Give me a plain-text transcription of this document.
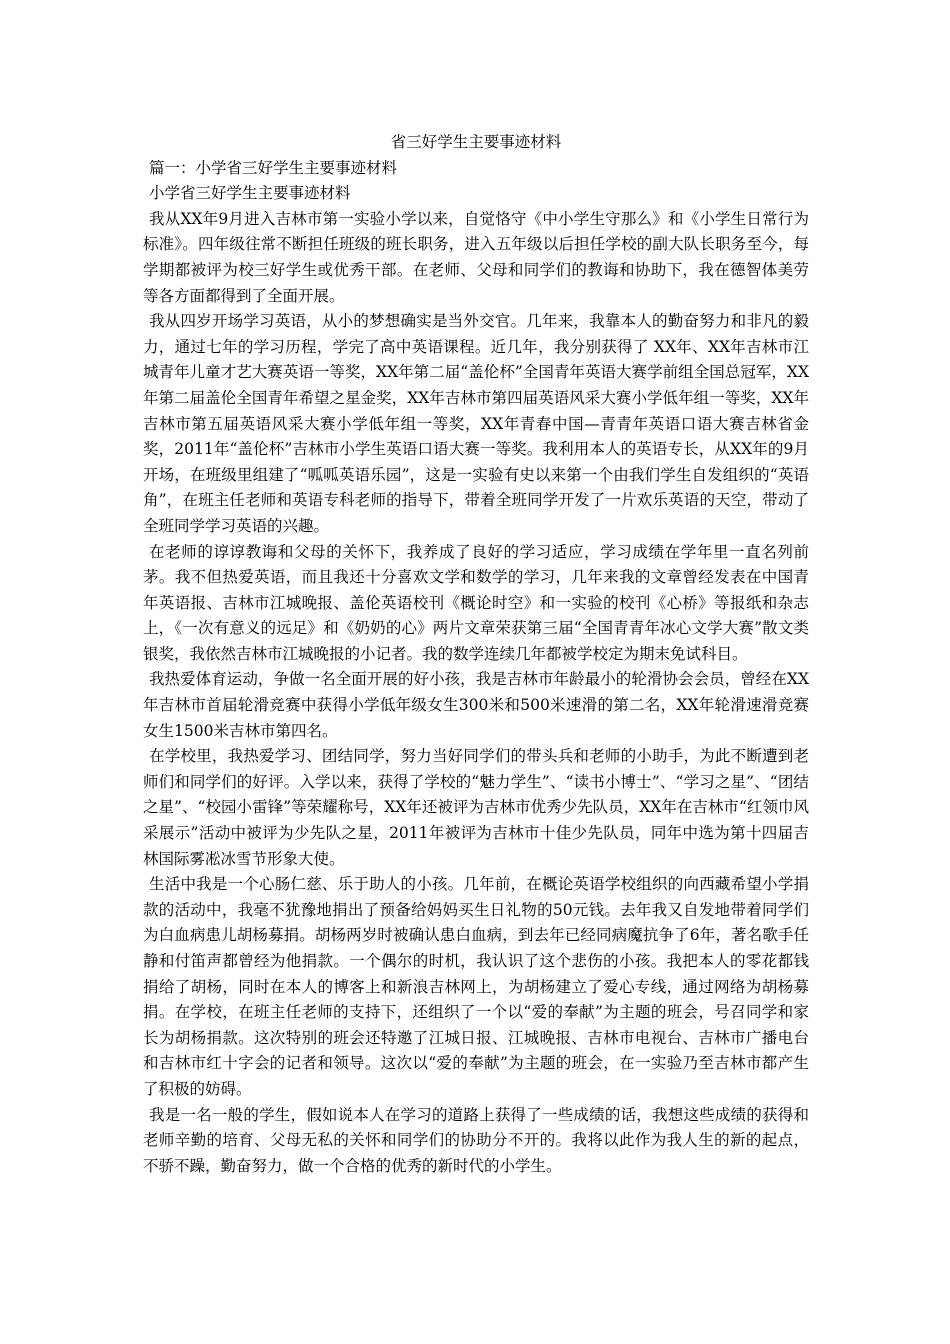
省三好学生主要事迹材料
篇一：小学省三好学生主要事迹材料
小学省三好学生主要事迹材料

我从XX年9月进入吉林市第一实验小学以来，自觉恪守《中小学生守那么》和《小学生日常行为标准》。四年级往常不断担任班级的班长职务，进入五年级以后担任学校的副大队长职务至今，每学期都被评为校三好学生或优秀干部。在老师、父母和同学们的教诲和协助下，我在德智体美劳等各方面都得到了全面开展。

我从四岁开场学习英语，从小的梦想确实是当外交官。几年来，我靠本人的勤奋努力和非凡的毅力，通过七年的学习历程，学完了高中英语课程。近几年，我分别获得了 XX年、XX年吉林市江城青年儿童才艺大赛英语一等奖，XX年第二届“盖伦杯”全国青年英语大赛学前组全国总冠军，XX年第二届盖伦全国青年希望之星金奖，XX年吉林市第四届英语风采大赛小学低年组一等奖，XX年吉林市第五届英语风采大赛小学低年组一等奖，XX年青春中国—青青年英语口语大赛吉林省金奖，2011年“盖伦杯”吉林市小学生英语口语大赛一等奖。我利用本人的英语专长，从XX年的9月开场，在班级里组建了“呱呱英语乐园”，这是一实验有史以来第一个由我们学生自发组织的“英语角”，在班主任老师和英语专科老师的指导下，带着全班同学开发了一片欢乐英语的天空，带动了全班同学学习英语的兴趣。

在老师的谆谆教诲和父母的关怀下，我养成了良好的学习适应，学习成绩在学年里一直名列前茅。我不但热爱英语，而且我还十分喜欢文学和数学的学习，几年来我的文章曾经发表在中国青年英语报、吉林市江城晚报、盖伦英语校刊《概论时空》和一实验的校刊《心桥》等报纸和杂志上，《一次有意义的远足》和《奶奶的心》两片文章荣获第三届“全国青青年冰心文学大赛”散文类银奖，我依然吉林市江城晚报的小记者。我的数学连续几年都被学校定为期末免试科目。

我热爱体育运动，争做一名全面开展的好小孩，我是吉林市年龄最小的轮滑协会会员，曾经在XX年吉林市首届轮滑竞赛中获得小学低年级女生300米和500米速滑的第二名，XX年轮滑速滑竞赛女生1500米吉林市第四名。

在学校里，我热爱学习、团结同学，努力当好同学们的带头兵和老师的小助手，为此不断遭到老师们和同学们的好评。入学以来，获得了学校的“魅力学生”、“读书小博士”、“学习之星”、“团结之星”、“校园小雷锋”等荣耀称号，XX年还被评为吉林市优秀少先队员，XX年在吉林市“红领巾风采展示”活动中被评为少先队之星，2011年被评为吉林市十佳少先队员，同年中选为第十四届吉林国际雾凇冰雪节形象大使。

生活中我是一个心肠仁慈、乐于助人的小孩。几年前，在概论英语学校组织的向西藏希望小学捐款的活动中，我毫不犹豫地捐出了预备给妈妈买生日礼物的50元钱。去年我又自发地带着同学们为白血病患儿胡杨募捐。胡杨两岁时被确认患白血病，到去年已经同病魔抗争了6年，著名歌手任静和付笛声都曾经为他捐款。一个偶尔的时机，我认识了这个悲伤的小孩。我把本人的零花都钱捐给了胡杨，同时在本人的博客上和新浪吉林网上，为胡杨建立了爱心专线，通过网络为胡杨募捐。在学校，在班主任老师的支持下，还组织了一个以“爱的奉献”为主题的班会，号召同学和家长为胡杨捐款。这次特别的班会还特邀了江城日报、江城晚报、吉林市电视台、吉林市广播电台和吉林市红十字会的记者和领导。这次以“爱的奉献”为主题的班会，在一实验乃至吉林市都产生了积极的妨碍。

我是一名一般的学生，假如说本人在学习的道路上获得了一些成绩的话，我想这些成绩的获得和老师辛勤的培育、父母无私的关怀和同学们的协助分不开的。我将以此作为我人生的新的起点，不骄不躁，勤奋努力，做一个合格的优秀的新时代的小学生。
